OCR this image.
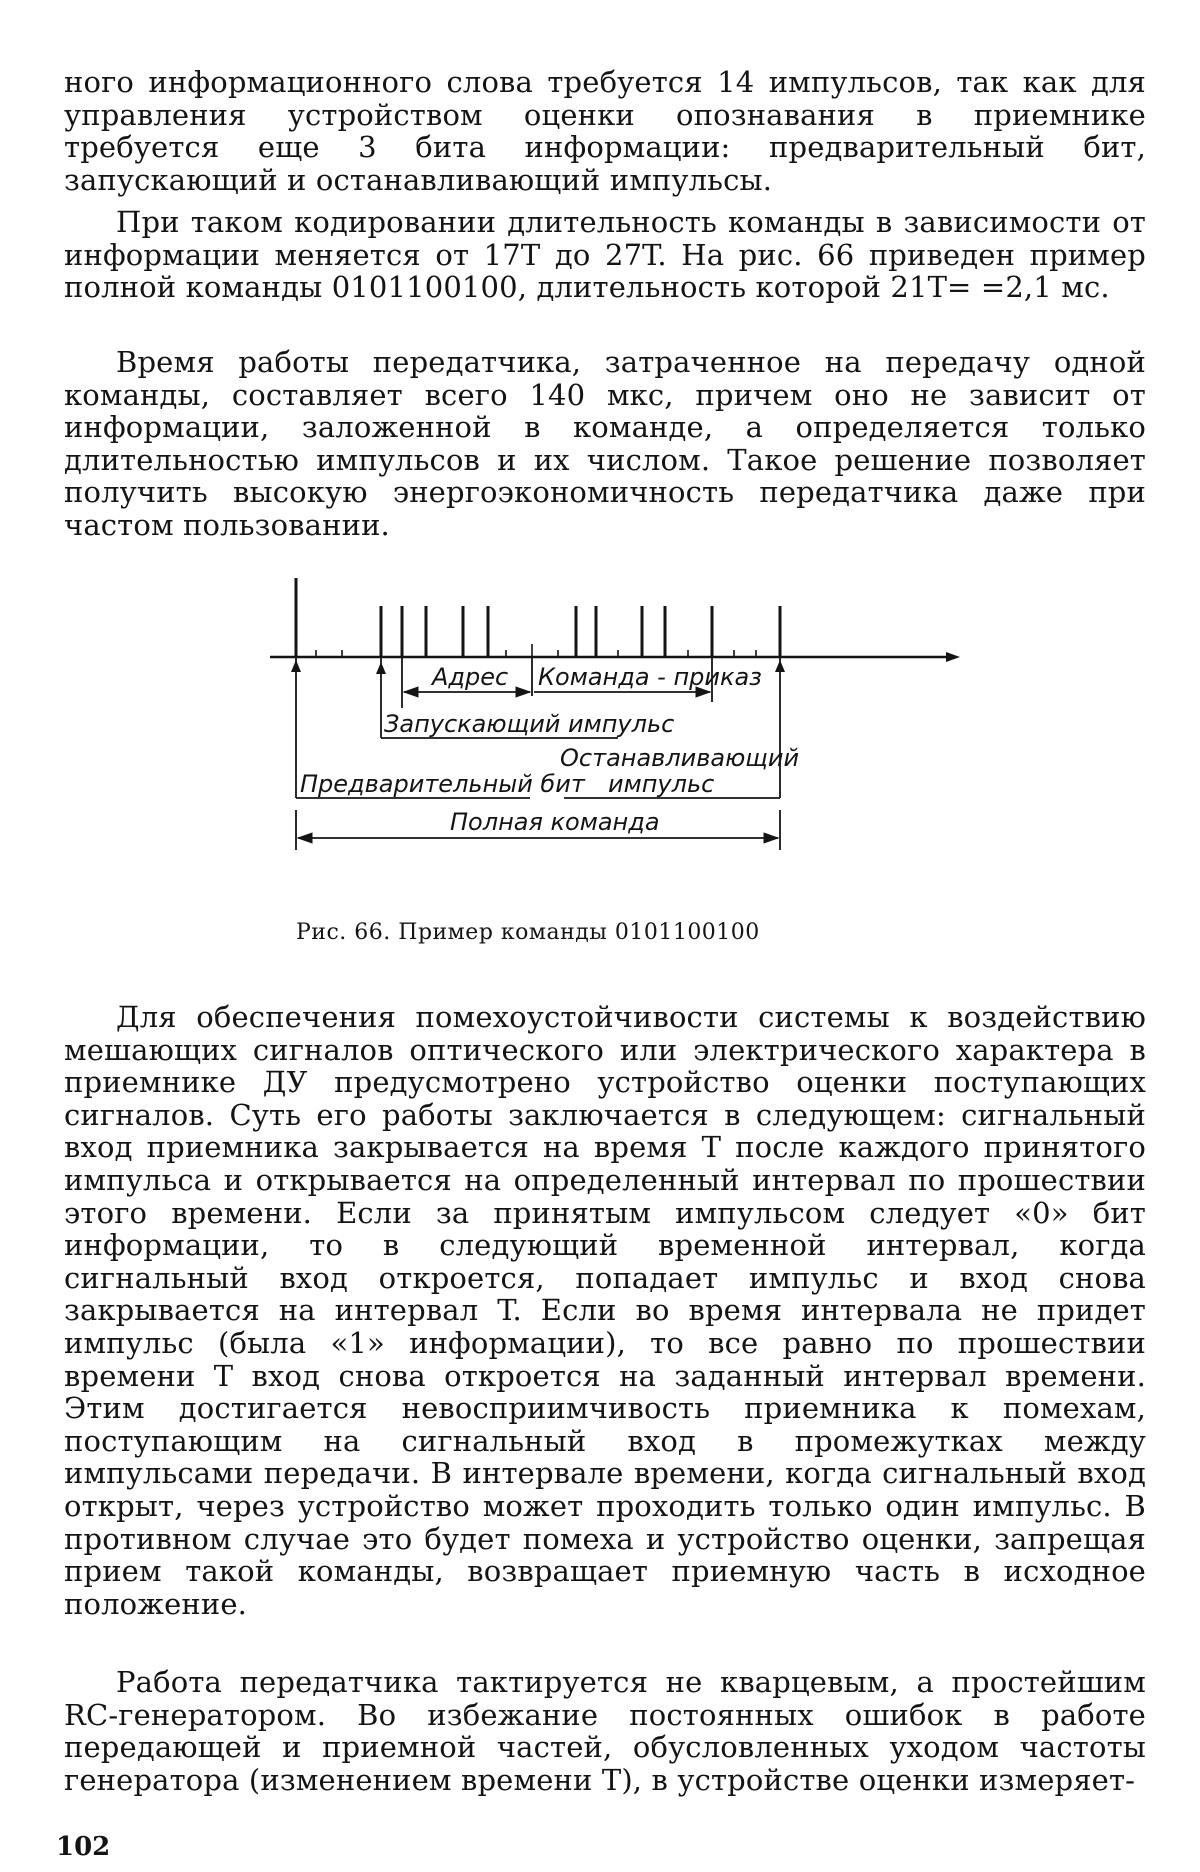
ного информационного слова требуется 14 импульсов, так как для управления устройством оценки опознавания в приемнике требуется еще 3 бита информации: предварительный бит, запускающий и останавливающий импульсы.

При таком кодировании длительность команды в зависимости от информации меняется от 17T до 27T. На рис. 66 приведен пример полной команды 0101100100, длительность которой 21T= =2,1 мс.

Время работы передатчика, затраченное на передачу одной команды, составляет всего 140 мкс, причем оно не зависит от информации, заложенной в команде, а определяется только длительностью импульсов и их числом. Такое решение позволяет получить высокую энергоэкономичность передатчика даже при частом пользовании.

Адрес Команда - приказ
Запускающий импульс
Предварительный бит
Останавливающий
импульс
Полная команда
Рис. 66. Пример команды 0101100100

Для обеспечения помехоустойчивости системы к воздействию мешающих сигналов оптического или электрического характера в приемнике ДУ предусмотрено устройство оценки поступающих сигналов. Суть его работы заключается в следующем: сигнальный вход приемника закрывается на время T после каждого принятого импульса и открывается на определенный интервал по прошествии этого времени. Если за принятым импульсом следует «0» бит информации, то в следующий временной интервал, когда сигнальный вход откроется, попадает импульс и вход снова закрывается на интервал T. Если во время интервала не придет импульс (была «1» информации), то все равно по прошествии времени T вход снова откроется на заданный интервал времени. Этим достигается невосприимчивость приемника к помехам, поступающим на сигнальный вход в промежутках между импульсами передачи. В интервале времени, когда сигнальный вход открыт, через устройство может проходить только один импульс. В противном случае это будет помеха и устройство оценки, запрещая прием такой команды, возвращает приемную часть в исходное положение.

Работа передатчика тактируется не кварцевым, а простейшим RC-генератором. Во избежание постоянных ошибок в работе передающей и приемной частей, обусловленных уходом частоты генератора (изменением времени T), в устройстве оценки измеряет-

102
